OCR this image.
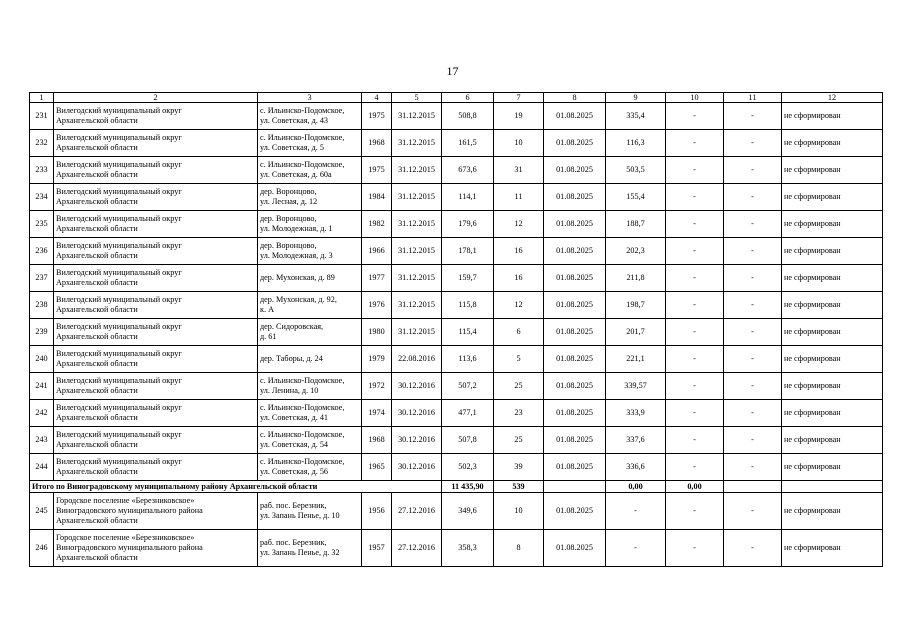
17
1	2	3	4	5	6	7	8	9	10	11	12
231	Вилегодский муниципальный округ
Архангельской области	с. Ильинско-Подомское,
ул. Советская, д. 43	1975	31.12.2015	508,8	19	01.08.2025	335,4	-	-	не сформирован
232	Вилегодский муниципальный округ
Архангельской области	с. Ильинско-Подомское,
ул. Советская, д. 5	1968	31.12.2015	161,5	10	01.08.2025	116,3	-	-	не сформирован
233	Вилегодский муниципальный округ
Архангельской области	с. Ильинско-Подомское,
ул. Советская, д. 60а	1975	31.12.2015	673,6	31	01.08.2025	503,5	-	-	не сформирован
234	Вилегодский муниципальный округ
Архангельской области	дер. Воронцово,
ул. Лесная, д. 12	1984	31.12.2015	114,1	11	01.08.2025	155,4	-	-	не сформирован
235	Вилегодский муниципальный округ
Архангельской области	дер. Воронцово,
ул. Молодежная, д. 1	1982	31.12.2015	179,6	12	01.08.2025	188,7	-	-	не сформирован
236	Вилегодский муниципальный округ
Архангельской области	дер. Воронцово,
ул. Молодежная, д. 3	1966	31.12.2015	178,1	16	01.08.2025	202,3	-	-	не сформирован
237	Вилегодский муниципальный округ
Архангельской области	дер. Мухонская, д. 89	1977	31.12.2015	159,7	16	01.08.2025	211,8	-	-	не сформирован
238	Вилегодский муниципальный округ
Архангельской области	дер. Мухонская, д. 92,
к. А	1976	31.12.2015	115,8	12	01.08.2025	198,7	-	-	не сформирован
239	Вилегодский муниципальный округ
Архангельской области	дер. Сидоровская,
д. 61	1980	31.12.2015	115,4	6	01.08.2025	201,7	-	-	не сформирован
240	Вилегодский муниципальный округ
Архангельской области	дер. Таборы, д. 24	1979	22.08.2016	113,6	5	01.08.2025	221,1	-	-	не сформирован
241	Вилегодский муниципальный округ
Архангельской области	с. Ильинско-Подомское,
ул. Ленина, д. 10	1972	30.12.2016	507,2	25	01.08.2025	339,57	-	-	не сформирован
242	Вилегодский муниципальный округ
Архангельской области	с. Ильинско-Подомское,
ул. Советская, д. 41	1974	30.12.2016	477,1	23	01.08.2025	333,9	-	-	не сформирован
243	Вилегодский муниципальный округ
Архангельской области	с. Ильинско-Подомское,
ул. Советская, д. 54	1968	30.12.2016	507,8	25	01.08.2025	337,6	-	-	не сформирован
244	Вилегодский муниципальный округ
Архангельской области	с. Ильинско-Подомское,
ул. Советская, д. 56	1965	30.12.2016	502,3	39	01.08.2025	336,6	-	-	не сформирован
Итого по Виноградовскому муниципальному району Архангельской области					11 435,90	539		0,00	0,00		
245	Городское поселение «Березниковское»
Виноградовского муниципального района
Архангельской области	раб. пос. Березник,
ул. Запань Пенье, д. 10	1956	27.12.2016	349,6	10	01.08.2025	-	-	-	не сформирован
246	Городское поселение «Березниковское»
Виноградовского муниципального района
Архангельской области	раб. пос. Березник,
ул. Запань Пенье, д. 32	1957	27.12.2016	358,3	8	01.08.2025	-	-	-	не сформирован
